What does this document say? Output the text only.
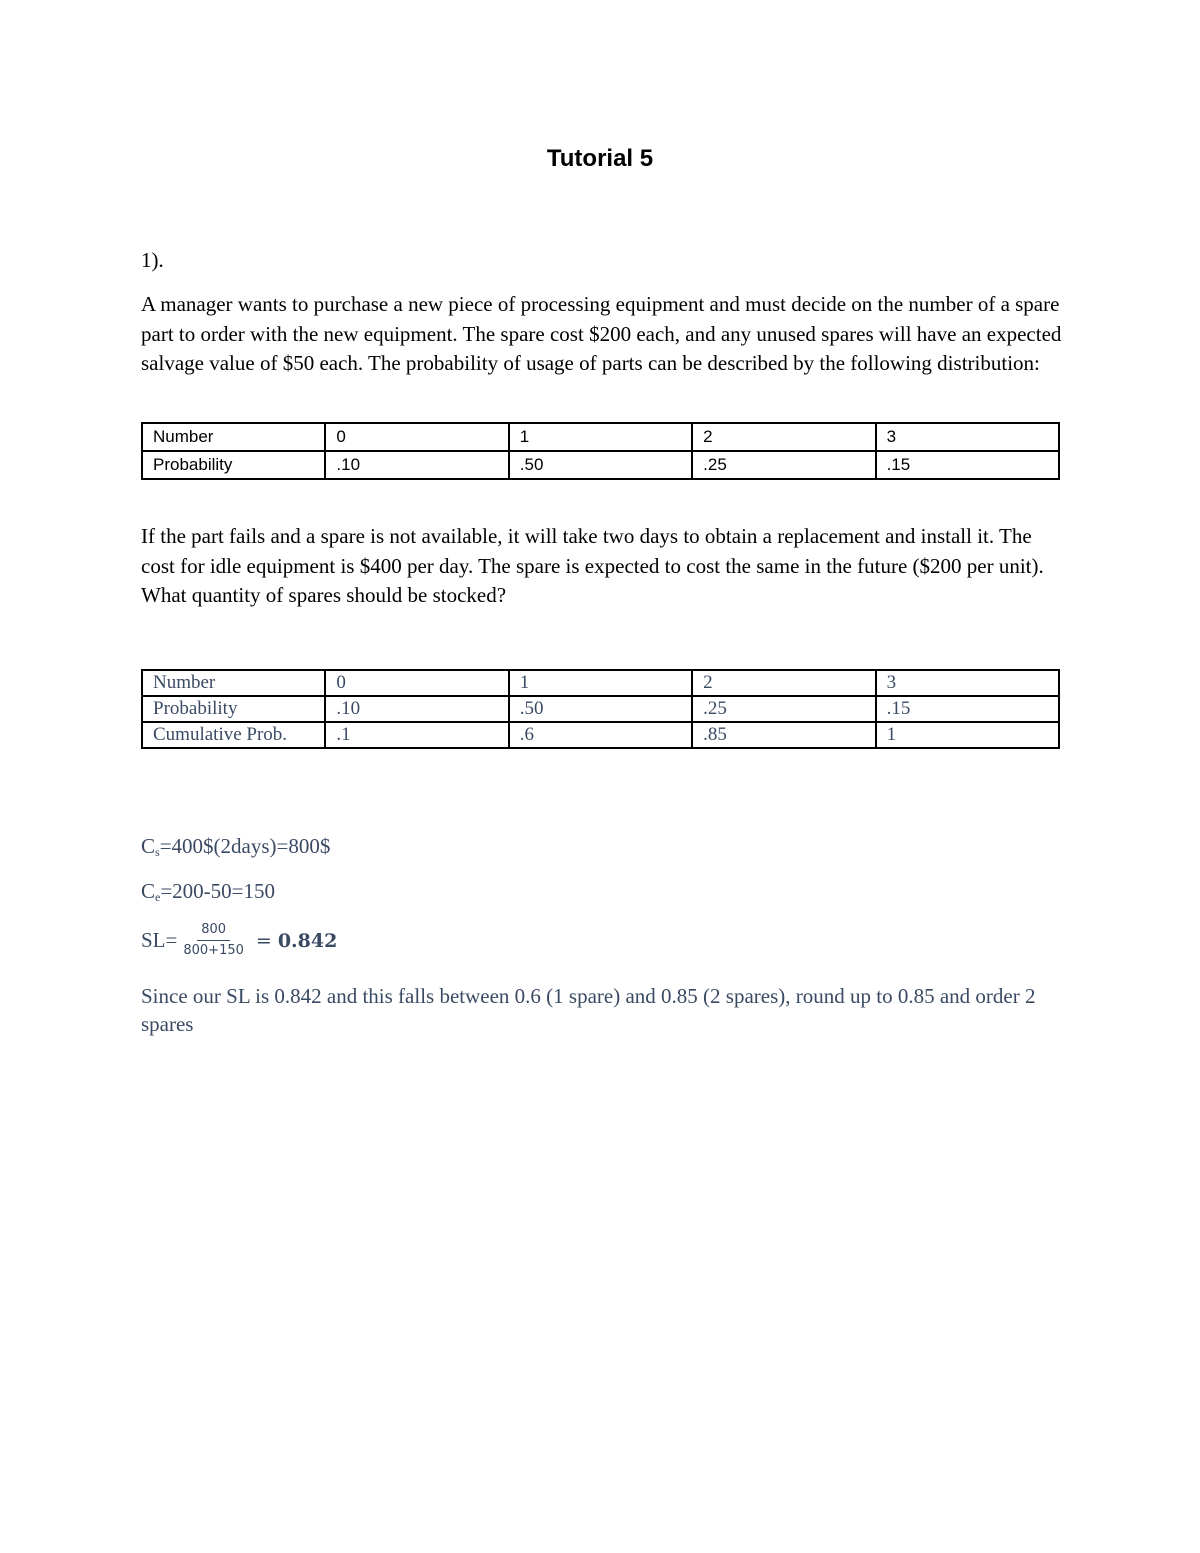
Tutorial 5
1).

A manager wants to purchase a new piece of processing equipment and must decide on the number of a spare part to order with the new equipment. The spare cost $200 each, and any unused spares will have an expected salvage value of $50 each. The probability of usage of parts can be described by the following distribution:

Number	0	1	2	3
Probability	.10	.50	.25	.15

If the part fails and a spare is not available, it will take two days to obtain a replacement and install it. The cost for idle equipment is $400 per day. The spare is expected to cost the same in the future ($200 per unit). What quantity of spares should be stocked?

Number	0	1	2	3
Probability	.10	.50	.25	.15
Cumulative Prob.	.1	.6	.85	1
$C_s=400\$(2days)=800\$$
$C_e=200-50=150$
$SL= \frac{800}{800+150} = 0.842$

Since our SL is 0.842 and this falls between 0.6 (1 spare) and 0.85 (2 spares), round up to 0.85 and order 2 spares
